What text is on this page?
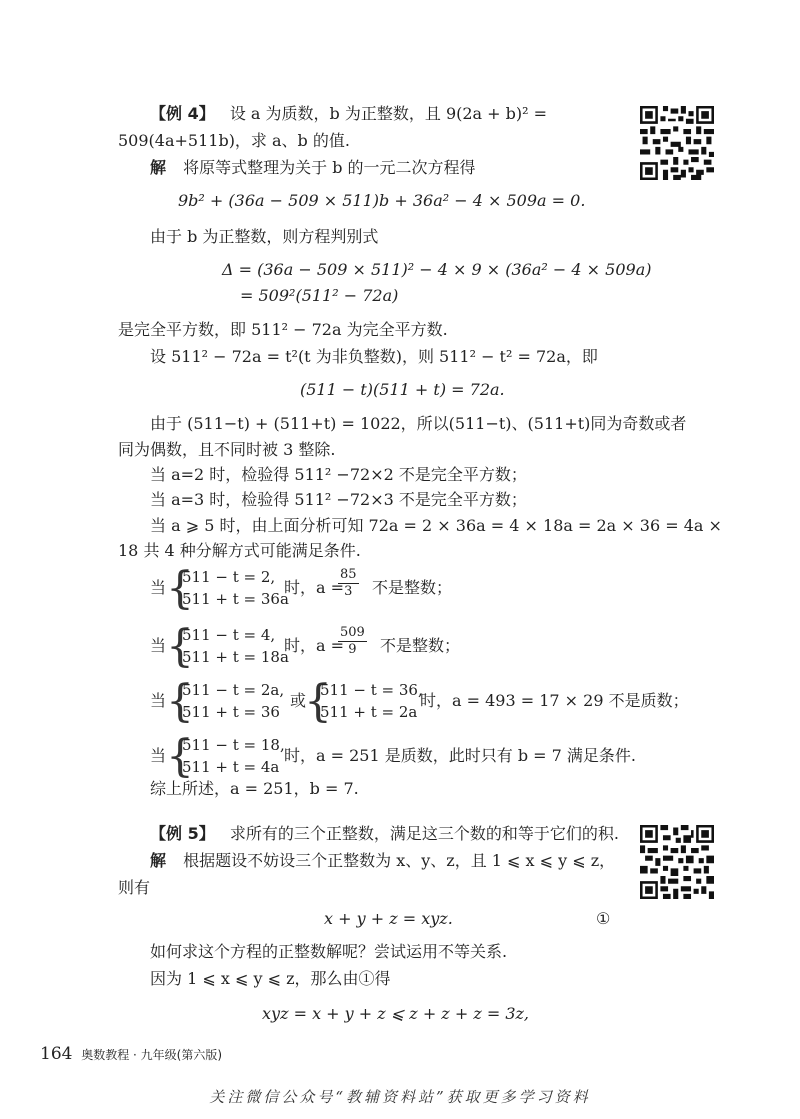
【例 4】 设 a 为质数，b 为正整数，且 9(2a + b)² =
509(4a+511b)，求 a、b 的值.
解 将原等式整理为关于 b 的一元二次方程得
9b² + (36a − 509 × 511)b + 36a² − 4 × 509a = 0.
由于 b 为正整数，则方程判别式
Δ = (36a − 509 × 511)² − 4 × 9 × (36a² − 4 × 509a)
= 509²(511² − 72a)
是完全平方数，即 511² − 72a 为完全平方数.
设 511² − 72a = t²(t 为非负整数)，则 511² − t² = 72a，即
(511 − t)(511 + t) = 72a.
由于 (511−t) + (511+t) = 1022，所以(511−t)、(511+t)同为奇数或者
同为偶数，且不同时被 3 整除.
当 a=2 时，检验得 511² −72×2 不是完全平方数；
当 a=3 时，检验得 511² −72×3 不是完全平方数；
当 a ⩾ 5 时，由上面分析可知 72a = 2 × 36a = 4 × 18a = 2a × 36 = 4a ×
18 共 4 种分解方式可能满足条件.
当 {
511 − t = 2,
511 + t = 36a
时，a =
$\frac{85}{3}$ 不是整数；
当 {
511 − t = 4,
511 + t = 18a
时，a =
$\frac{509}{9}$ 不是整数；
当 {
511 − t = 2a,
511 + t = 36
或
{
511 − t = 36,
511 + t = 2a
时，a = 493 = 17 × 29 不是质数；
当 {
511 − t = 18,
511 + t = 4a
时，a = 251 是质数，此时只有 b = 7 满足条件.
综上所述，a = 251，b = 7.
【例 5】 求所有的三个正整数，满足这三个数的和等于它们的积.
解 根据题设不妨设三个正整数为 x、y、z，且 1 ⩽ x ⩽ y ⩽ z，
则有
x + y + z = xyz.	①
如何求这个方程的正整数解呢？尝试运用不等关系.
因为 1 ⩽ x ⩽ y ⩽ z，那么由①得
xyz = x + y + z ⩽ z + z + z = 3z,
164 奥数教程 · 九年级(第六版)
关注微信公众号“教辅资料站”获取更多学习资料
